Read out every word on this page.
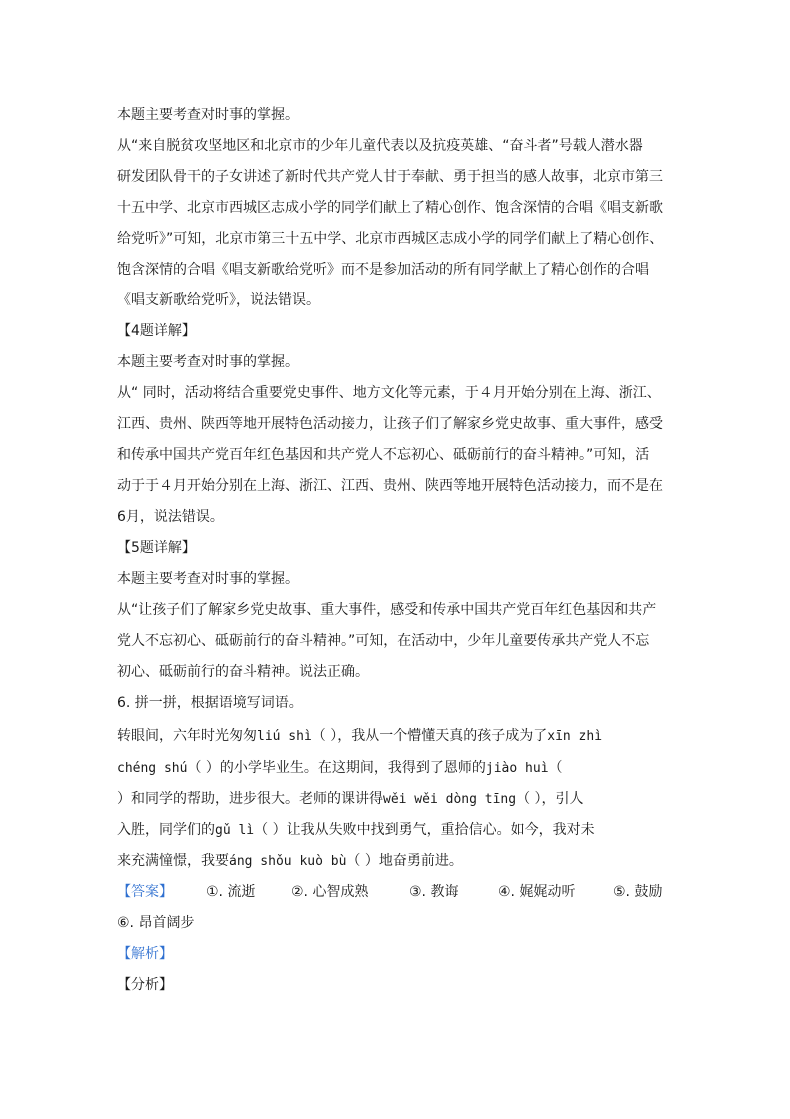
本题主要考查对时事的掌握。
从“来自脱贫攻坚地区和北京市的少年儿童代表以及抗疫英雄、“奋斗者”号载人潜水器
研发团队骨干的子女讲述了新时代共产党人甘于奉献、勇于担当的感人故事，北京市第三
十五中学、北京市西城区志成小学的同学们献上了精心创作、饱含深情的合唱《唱支新歌
给党听》”可知，北京市第三十五中学、北京市西城区志成小学的同学们献上了精心创作、
饱含深情的合唱《唱支新歌给党听》而不是参加活动的所有同学献上了精心创作的合唱
《唱支新歌给党听》，说法错误。
【4题详解】
本题主要考查对时事的掌握。
从“ 同时，活动将结合重要党史事件、地方文化等元素，于４月开始分别在上海、浙江、
江西、贵州、陕西等地开展特色活动接力，让孩子们了解家乡党史故事、重大事件，感受
和传承中国共产党百年红色基因和共产党人不忘初心、砥砺前行的奋斗精神。”可知，活
动于于４月开始分别在上海、浙江、江西、贵州、陕西等地开展特色活动接力，而不是在
6月，说法错误。
【5题详解】
本题主要考查对时事的掌握。
从“让孩子们了解家乡党史故事、重大事件，感受和传承中国共产党百年红色基因和共产
党人不忘初心、砥砺前行的奋斗精神。”可知，在活动中，少年儿童要传承共产党人不忘
初心、砥砺前行的奋斗精神。说法正确。
6. 拼一拼，根据语境写词语。
转眼间，六年时光匆匆liú shì（ ），我从一个懵懂天真的孩子成为了xīn zhì
chéng shú（ ）的小学毕业生。在这期间，我得到了恩师的jiào huì（
）和同学的帮助，进步很大。老师的课讲得wěi wěi dòng tīng（ ），引人
入胜，同学们的gǔ lì（ ）让我从失败中找到勇气，重拾信心。如今，我对未
来充满憧憬，我要áng shǒu kuò bù（ ）地奋勇前进。
【答案】 ①. 流逝	②. 心智成熟	③. 教诲	④. 娓娓动听	⑤. 鼓励
⑥. 昂首阔步
【解析】
【分析】
